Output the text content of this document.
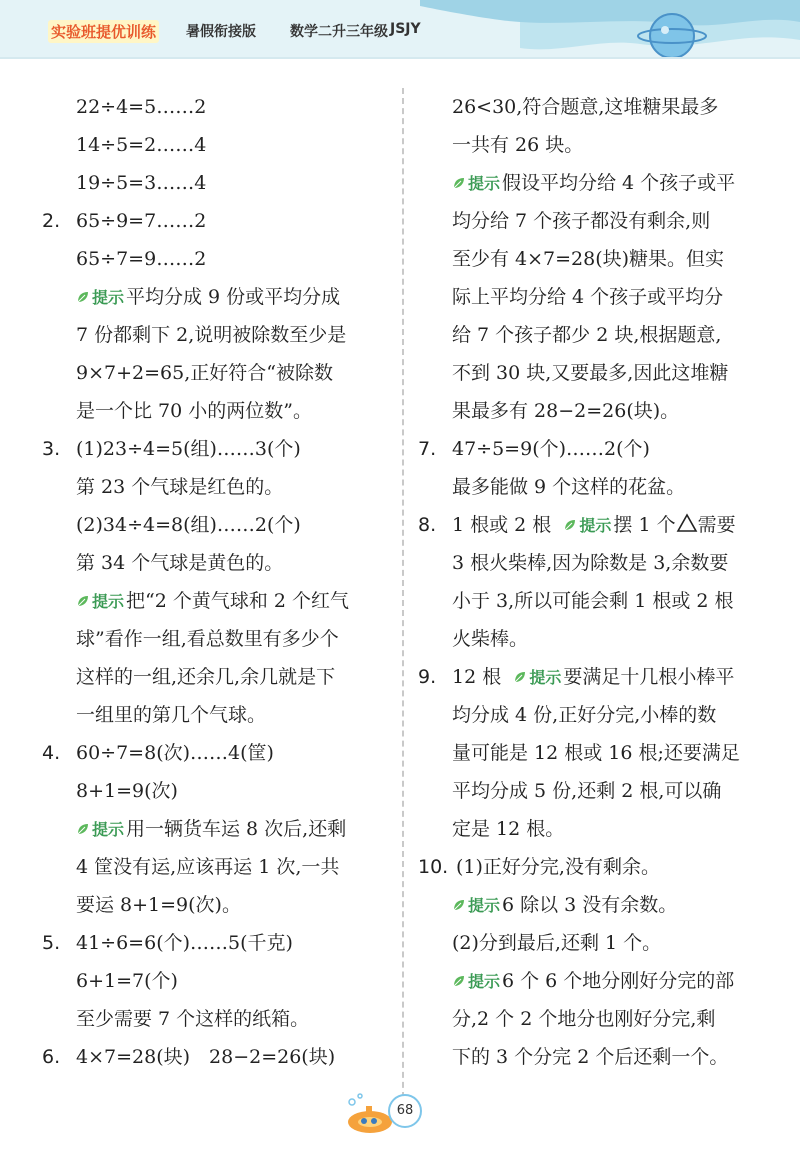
实验班提优训练 暑假衔接版 数学二升三年级 JSJY
22÷4=5……2
14÷5=2……4
19÷5=3……4
2. 65÷9=7……2
65÷7=9……2
提示 平均分成 9 份或平均分成
7 份都剩下 2,说明被除数至少是
9×7+2=65,正好符合“被除数
是一个比 70 小的两位数”。
3. (1)23÷4=5(组)……3(个)
第 23 个气球是红色的。
(2)34÷4=8(组)……2(个)
第 34 个气球是黄色的。
提示 把“2 个黄气球和 2 个红气
球”看作一组,看总数里有多少个
这样的一组,还余几,余几就是下
一组里的第几个气球。
4. 60÷7=8(次)……4(筐)
8+1=9(次)
提示 用一辆货车运 8 次后,还剩
4 筐没有运,应该再运 1 次,一共
要运 8+1=9(次)。
5. 41÷6=6(个)……5(千克)
6+1=7(个)
至少需要 7 个这样的纸箱。
6. 4×7=28(块)　28−2=26(块)
26<30,符合题意,这堆糖果最多
一共有 26 块。
提示 假设平均分给 4 个孩子或平
均分给 7 个孩子都没有剩余,则
至少有 4×7=28(块)糖果。但实
际上平均分给 4 个孩子或平均分
给 7 个孩子都少 2 块,根据题意,
不到 30 块,又要最多,因此这堆糖
果最多有 28−2=26(块)。
7. 47÷5=9(个)……2(个)
最多能做 9 个这样的花盆。
8. 1 根或 2 根 提示 摆 1 个 需要
3 根火柴棒,因为除数是 3,余数要
小于 3,所以可能会剩 1 根或 2 根
火柴棒。
9. 12 根 提示 要满足十几根小棒平
均分成 4 份,正好分完,小棒的数
量可能是 12 根或 16 根;还要满足
平均分成 5 份,还剩 2 根,可以确
定是 12 根。
10. (1)正好分完,没有剩余。
提示 6 除以 3 没有余数。
(2)分到最后,还剩 1 个。
提示 6 个 6 个地分刚好分完的部
分,2 个 2 个地分也刚好分完,剩
下的 3 个分完 2 个后还剩一个。
68
